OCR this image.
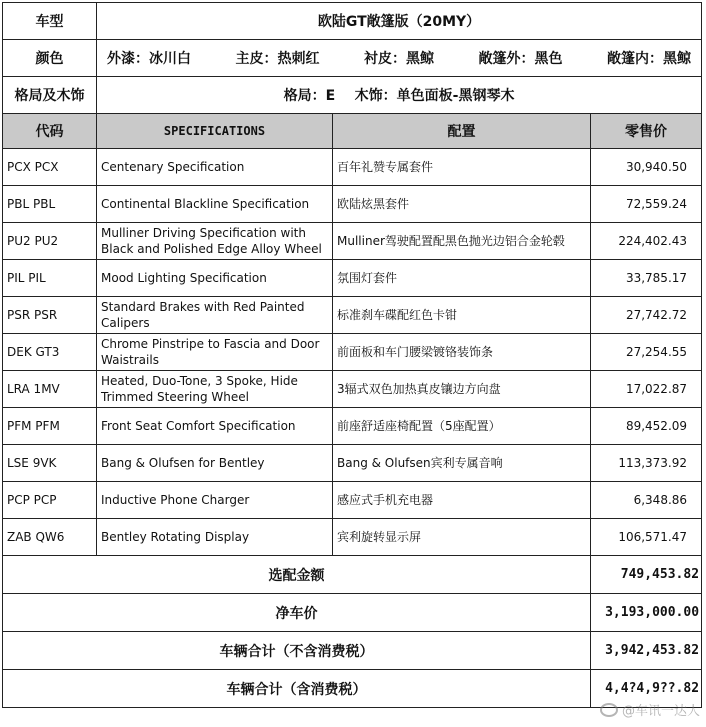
车型	欧陆GT敞篷版（20MY）		
颜色	外漆：冰川白 主皮：热刺红 衬皮：黑鲸 敞篷外：黑色 敞篷内：黑鲸		

格局及木饰	格局：E    木饰：单色面板-黑钢琴木		
代码	SPECIFICATIONS	配置	零售价
PCX PCX	Centenary Specification	百年礼赞专属套件	30,940.50
PBL PBL	Continental Blackline Specification	欧陆炫黑套件	72,559.24
PU2 PU2	Mulliner Driving Specification with Black and Polished Edge Alloy Wheel	Mulliner驾驶配置配黑色抛光边铝合金轮毂	224,402.43
PIL PIL	Mood Lighting Specification	氛围灯套件	33,785.17
PSR PSR	Standard Brakes with Red Painted Calipers	标准刹车碟配红色卡钳	27,742.72
DEK GT3	Chrome Pinstripe to Fascia and Door Waistrails	前面板和车门腰梁镀铬装饰条	27,254.55
LRA 1MV	Heated, Duo-Tone, 3 Spoke, Hide Trimmed Steering Wheel	3辐式双色加热真皮镶边方向盘	17,022.87
PFM PFM	Front Seat Comfort Specification	前座舒适座椅配置（5座配置）	89,452.09
LSE 9VK	Bang & Olufsen for Bentley	Bang & Olufsen宾利专属音响	113,373.92
PCP PCP	Inductive Phone Charger	感应式手机充电器	6,348.86
ZAB QW6	Bentley Rotating Display	宾利旋转显示屏	106,571.47
选配金额			749,453.82
净车价			3,193,000.00
车辆合计（不含消费税）			3,942,453.82
车辆合计（含消费税）			4,4?4,9??.82
@车讯一达人
